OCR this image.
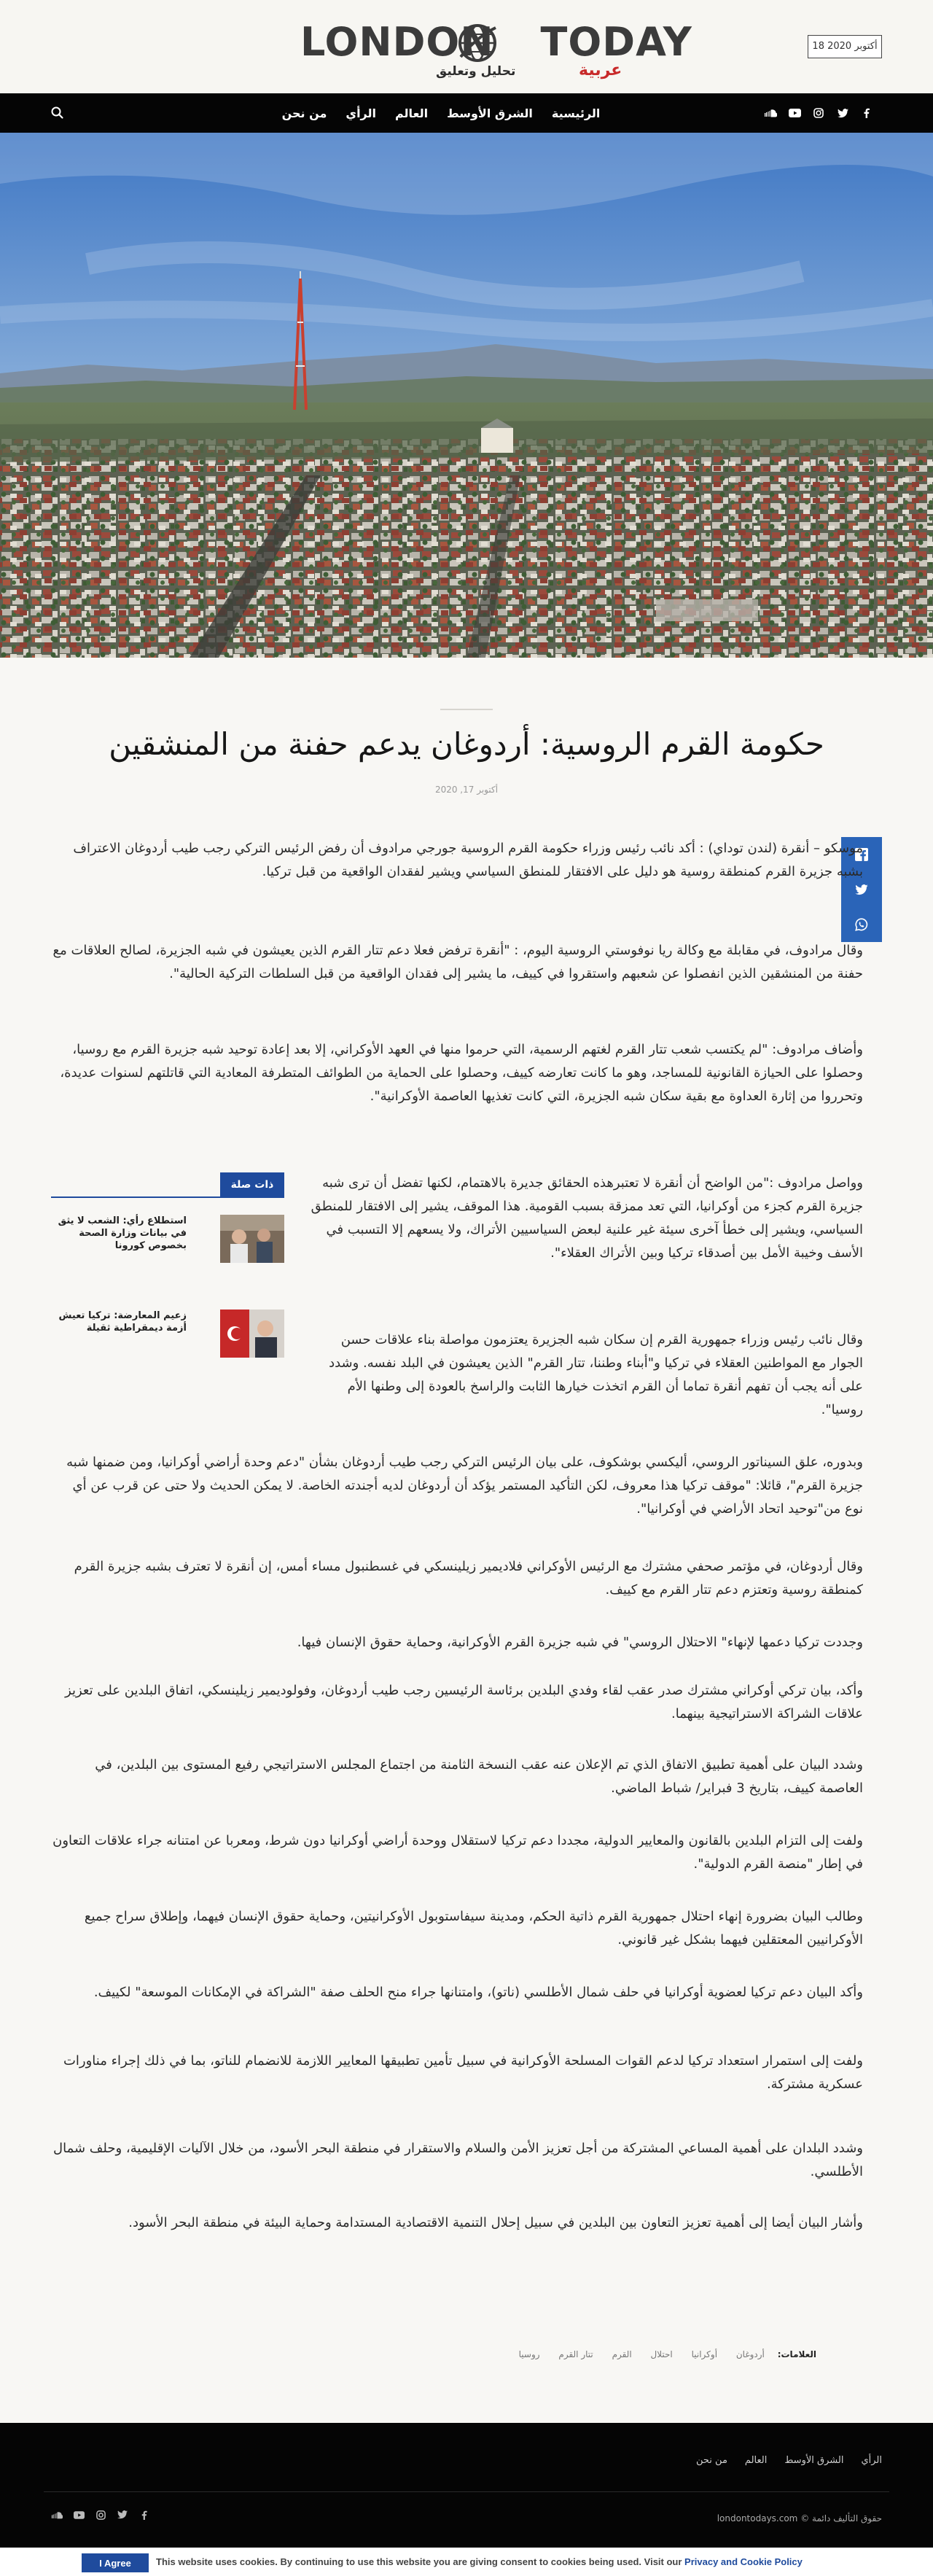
LONDON TODAY
تحليل وتعليق	عربية
18 أكتوبر 2020
الرئيسية
الشرق الأوسط
العالم
الرأي
من نحن
حكومة القرم الروسية: أردوغان يدعم حفنة من المنشقين
أكتوبر 17, 2020

موسكو – أنقرة (لندن توداي) : أكد نائب رئيس وزراء حكومة القرم الروسية جورجي مرادوف أن رفض الرئيس التركي رجب طيب أردوغان الاعتراف بشبه جزيرة القرم كمنطقة روسية هو دليل على الافتقار للمنطق السياسي ويشير لفقدان الواقعية من قبل تركيا.

وقال مرادوف، في مقابلة مع وكالة ريا نوفوستي الروسية اليوم، : "أنقرة ترفض فعلا دعم تتار القرم الذين يعيشون في شبه الجزيرة، لصالح العلاقات مع حفنة من المنشقين الذين انفصلوا عن شعبهم واستقروا في كييف، ما يشير إلى فقدان الواقعية من قبل السلطات التركية الحالية".

وأضاف مرادوف: "لم يكتسب شعب تتار القرم لغتهم الرسمية، التي حرموا منها في العهد الأوكراني، إلا بعد إعادة توحيد شبه جزيرة القرم مع روسيا، وحصلوا على الحيازة القانونية للمساجد، وهو ما كانت تعارضه كييف، وحصلوا على الحماية من الطوائف المتطرفة المعادية التي قاتلتهم لسنوات عديدة، وتحرروا من إثارة العداوة مع بقية سكان شبه الجزيرة، التي كانت تغذيها العاصمة الأوكرانية".

وواصل مرادوف :"من الواضح أن أنقرة لا تعتبرهذه الحقائق جديرة بالاهتمام، لكنها تفضل أن ترى شبه جزيرة القرم كجزء من أوكرانيا، التي تعد ممزقة بسبب القومية. هذا الموقف، يشير إلى الافتقار للمنطق السياسي، ويشير إلى خطأ آخرى سيئة غير علنية لبعض السياسيين الأتراك، ولا يسعهم إلا التسبب في الأسف وخيبة الأمل بين أصدقاء تركيا وبين الأتراك العقلاء".

وقال نائب رئيس وزراء جمهورية القرم إن سكان شبه الجزيرة يعتزمون مواصلة بناء علاقات حسن الجوار مع المواطنين العقلاء في تركيا و"أبناء وطننا، تتار القرم" الذين يعيشون في البلد نفسه. وشدد على أنه يجب أن تفهم أنقرة تماما أن القرم اتخذت خيارها الثابت والراسخ بالعودة إلى وطنها الأم روسيا".

وبدوره، علق السيناتور الروسي، أليكسي بوشكوف، على بيان الرئيس التركي رجب طيب أردوغان بشأن "دعم وحدة أراضي أوكرانيا، ومن ضمنها شبه جزيرة القرم"، قائلا: "موقف تركيا هذا معروف، لكن التأكيد المستمر يؤكد أن أردوغان لديه أجندته الخاصة. لا يمكن الحديث ولا حتى عن قرب عن أي نوع من"توحيد اتحاد الأراضي في أوكرانيا".

وقال أردوغان، في مؤتمر صحفي مشترك مع الرئيس الأوكراني فلاديمير زيلينسكي في غسطنبول مساء أمس، إن أنقرة لا تعترف بشبه جزيرة القرم كمنطقة روسية وتعتزم دعم تتار القرم مع كييف.

وجددت تركيا دعمها لإنهاء" الاحتلال الروسي" في شبه جزيرة القرم الأوكرانية، وحماية حقوق الإنسان فيها.

وأكد، بيان تركي أوكراني مشترك صدر عقب لقاء وفدي البلدين برئاسة الرئيسين رجب طيب أردوغان، وفولوديمير زيلينسكي، اتفاق البلدين على تعزيز علاقات الشراكة الاستراتيجية بينهما.

وشدد البيان على أهمية تطبيق الاتفاق الذي تم الإعلان عنه عقب النسخة الثامنة من اجتماع المجلس الاستراتيجي رفيع المستوى بين البلدين، في العاصمة كييف، بتاريخ 3 فبراير/ شباط الماضي.

ولفت إلى التزام البلدين بالقانون والمعايير الدولية، مجددا دعم تركيا لاستقلال ووحدة أراضي أوكرانيا دون شرط، ومعربا عن امتنانه جراء علاقات التعاون في إطار "منصة القرم الدولية".

وطالب البيان بضرورة إنهاء احتلال جمهورية القرم ذاتية الحكم، ومدينة سيفاستوبول الأوكرانيتين، وحماية حقوق الإنسان فيهما، وإطلاق سراح جميع الأوكرانيين المعتقلين فيهما بشكل غير قانوني.

وأكد البيان دعم تركيا لعضوية أوكرانيا في حلف شمال الأطلسي (ناتو)، وامتنانها جراء منح الحلف صفة "الشراكة في الإمكانات الموسعة" لكييف.

ولفت إلى استمرار استعداد تركيا لدعم القوات المسلحة الأوكرانية في سبيل تأمين تطبيقها المعايير اللازمة للانضمام للناتو، بما في ذلك إجراء مناورات عسكرية مشتركة.

وشدد البلدان على أهمية المساعي المشتركة من أجل تعزيز الأمن والسلام والاستقرار في منطقة البحر الأسود، من خلال الآليات الإقليمية، وحلف شمال الأطلسي.

وأشار البيان أيضا إلى أهمية تعزيز التعاون بين البلدين في سبيل إحلال التنمية الاقتصادية المستدامة وحماية البيئة في منطقة البحر الأسود.

ذات صلة
استطلاع رأي: الشعب لا يثق في بيانات وزارة الصحة بخصوص كورونا
زعيم المعارضة: تركيا تعيش أزمة ديمقراطية ثقيلة
العلامات: أردوغان أوكرانيا احتلال القرم تتار القرم روسيا
الرأي
الشرق الأوسط
العالم
من نحن
حقوق التأليف دائمة © londontodays.com
I Agree	This website uses cookies. By continuing to use this website you are giving consent to cookies being used. Visit our Privacy and Cookie Policy
